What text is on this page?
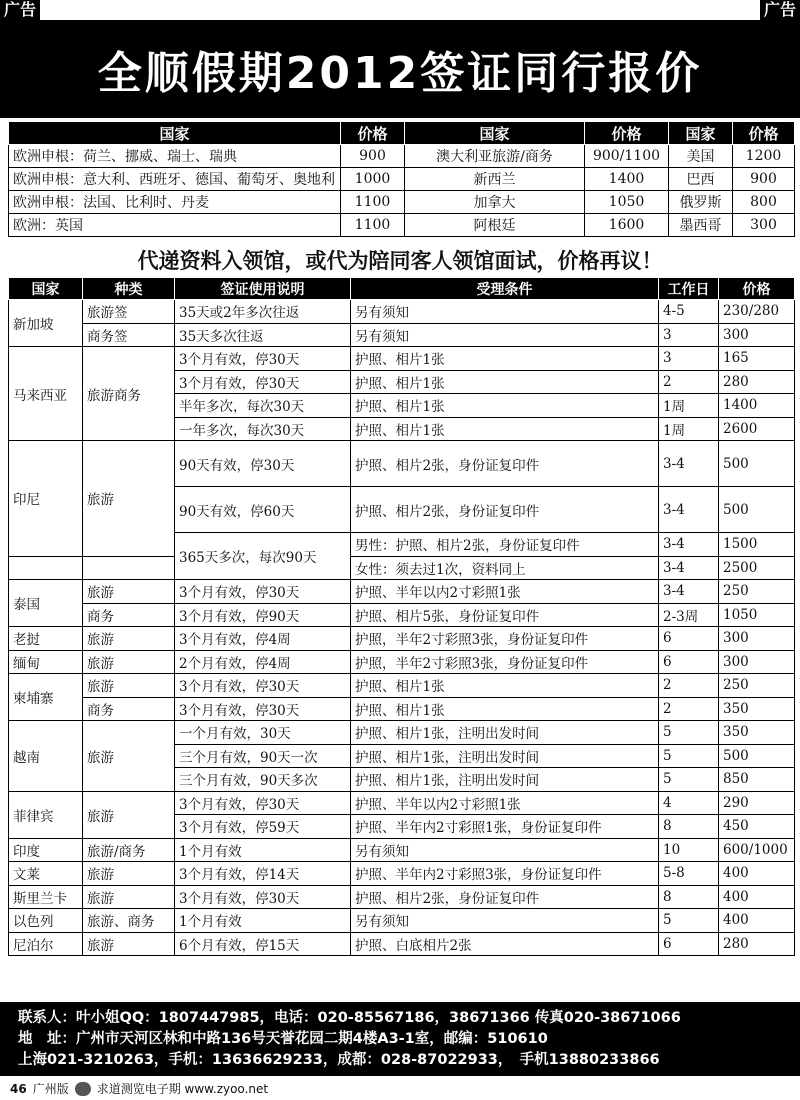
广告	广告
全顺假期2012签证同行报价
国家	价格	国家	价格	国家	价格
欧洲申根：荷兰、挪威、瑞士、瑞典	900	澳大利亚旅游/商务	900/1100	美国	1200
欧洲申根：意大利、西班牙、德国、葡萄牙、奥地利	1000	新西兰	1400	巴西	900
欧洲申根：法国、比利时、丹麦	1100	加拿大	1050	俄罗斯	800
欧洲：英国	1100	阿根廷	1600	墨西哥	300
代递资料入领馆，或代为陪同客人领馆面试，价格再议！
国家	种类	签证使用说明	受理条件	工作日	价格
新加坡	旅游签	35天或2年多次往返	另有须知	4-5	230/280
	商务签	35天多次往返	另有须知	3	300
马来西亚	旅游商务	3个月有效，停30天	护照、相片1张	3	165
		3个月有效，停30天	护照、相片1张	2	280
		半年多次，每次30天	护照、相片1张	1周	1400
		一年多次，每次30天	护照、相片1张	1周	2600
印尼	旅游	90天有效，停30天	护照、相片2张，身份证复印件	3-4	500

		90天有效，停60天	护照、相片2张，身份证复印件	3-4	500
		365天多次，每次90天	男性：护照、相片2张，身份证复印件	3-4	1500
			女性：须去过1次，资料同上	3-4	2500
泰国	旅游	3个月有效，停30天	护照、半年以内2寸彩照1张	3-4	250
	商务	3个月有效，停90天	护照、相片5张，身份证复印件	2-3周	1050
老挝	旅游	3个月有效，停4周	护照，半年2寸彩照3张，身份证复印件	6	300
缅甸	旅游	2个月有效，停4周	护照，半年2寸彩照3张，身份证复印件	6	300
柬埔寨	旅游	3个月有效，停30天	护照、相片1张	2	250
	商务	3个月有效，停30天	护照、相片1张	2	350
越南	旅游	一个月有效，30天	护照、相片1张，注明出发时间	5	350
		三个月有效，90天一次	护照、相片1张，注明出发时间	5	500
		三个月有效，90天多次	护照、相片1张，注明出发时间	5	850
菲律宾	旅游	3个月有效，停30天	护照、半年以内2寸彩照1张	4	290
		3个月有效，停59天	护照、半年内2寸彩照1张，身份证复印件	8	450
印度	旅游/商务	1个月有效	另有须知	10	600/1000
文莱	旅游	3个月有效，停14天	护照、半年内2寸彩照3张，身份证复印件	5-8	400
斯里兰卡	旅游	3个月有效，停30天	护照、相片2张，身份证复印件	8	400
以色列	旅游、商务	1个月有效	另有须知	5	400
尼泊尔	旅游	6个月有效，停15天	护照、白底相片2张	6	280
联系人：叶小姐QQ：1807447985，电话：020-85567186，38671366 传真020-38671066
地　址：广州市天河区林和中路136号天誉花园二期4楼A3-1室，邮编：510610
上海021-3210263，手机：13636629233，成都：028-87022933，　手机13880233866
46 广州版 求道测览电子期 www.zyoo.net
